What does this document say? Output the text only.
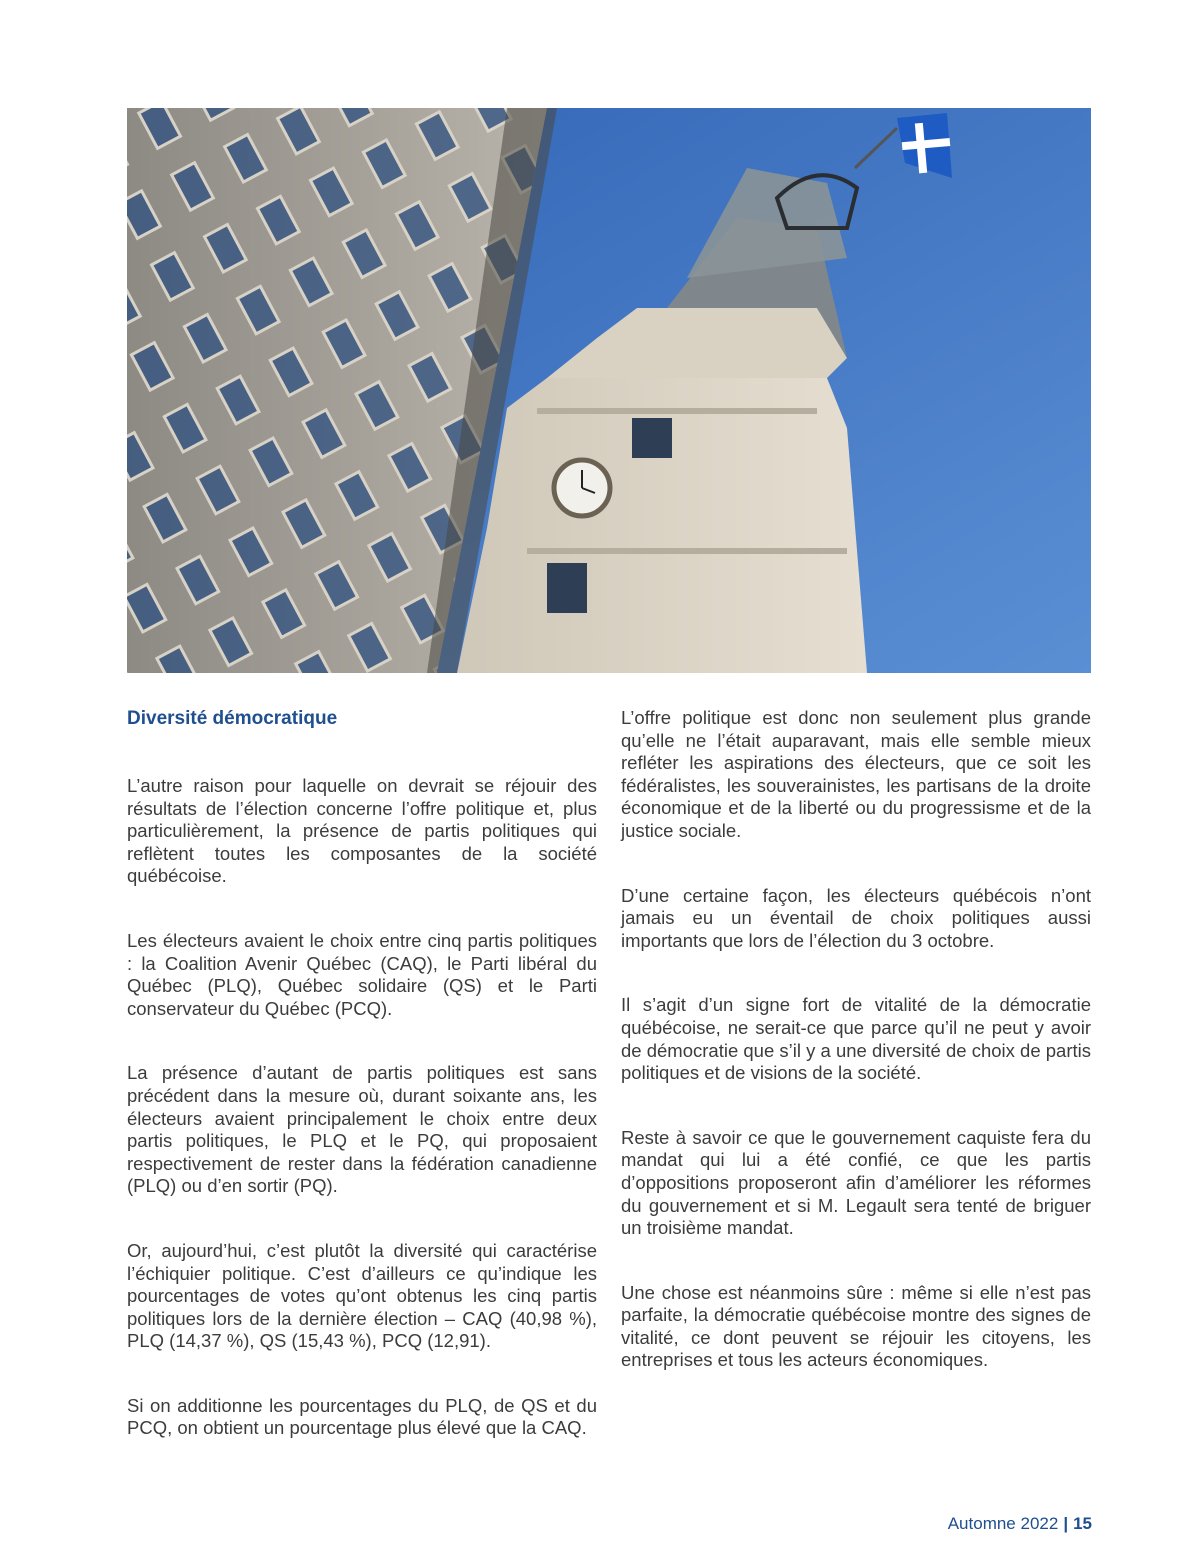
Diversité démocratique

L’autre raison pour laquelle on devrait se réjouir des résultats de l’élection concerne l’offre politique et, plus particulièrement, la présence de partis politiques qui reflètent toutes les composantes de la société québécoise.

Les électeurs avaient le choix entre cinq partis politiques : la Coalition Avenir Québec (CAQ), le Parti libéral du Québec (PLQ), Québec solidaire (QS) et le Parti conservateur du Québec (PCQ).

La présence d’autant de partis politiques est sans précédent dans la mesure où, durant soixante ans, les électeurs avaient principalement le choix entre deux partis politiques, le PLQ et le PQ, qui proposaient respectivement de rester dans la fédération canadienne (PLQ) ou d’en sortir (PQ).

Or, aujourd’hui, c’est plutôt la diversité qui caractérise l’échiquier politique. C’est d’ailleurs ce qu’indique les pourcentages de votes qu’ont obtenus les cinq partis politiques lors de la dernière élection – CAQ (40,98 %), PLQ (14,37 %), QS (15,43 %), PCQ (12,91).

Si on additionne les pourcentages du PLQ, de QS et du PCQ, on obtient un pourcentage plus élevé que la CAQ.

L’offre politique est donc non seulement plus grande qu’elle ne l’était auparavant, mais elle semble mieux refléter les aspirations des électeurs, que ce soit les fédéralistes, les souverainistes, les partisans de la droite économique et de la liberté ou du progressisme et de la justice sociale.

D’une certaine façon, les électeurs québécois n’ont jamais eu un éventail de choix politiques aussi importants que lors de l’élection du 3 octobre.

Il s’agit d’un signe fort de vitalité de la démocratie québécoise, ne serait-ce que parce qu’il ne peut y avoir de démocratie que s’il y a une diversité de choix de partis politiques et de visions de la société.

Reste à savoir ce que le gouvernement caquiste fera du mandat qui lui a été confié, ce que les partis d’oppositions proposeront afin d’améliorer les réformes du gouvernement et si M. Legault sera tenté de briguer un troisième mandat.

Une chose est néanmoins sûre : même si elle n’est pas parfaite, la démocratie québécoise montre des signes de vitalité, ce dont peuvent se réjouir les citoyens, les entreprises et tous les acteurs économiques.

Automne 2022 | 15
